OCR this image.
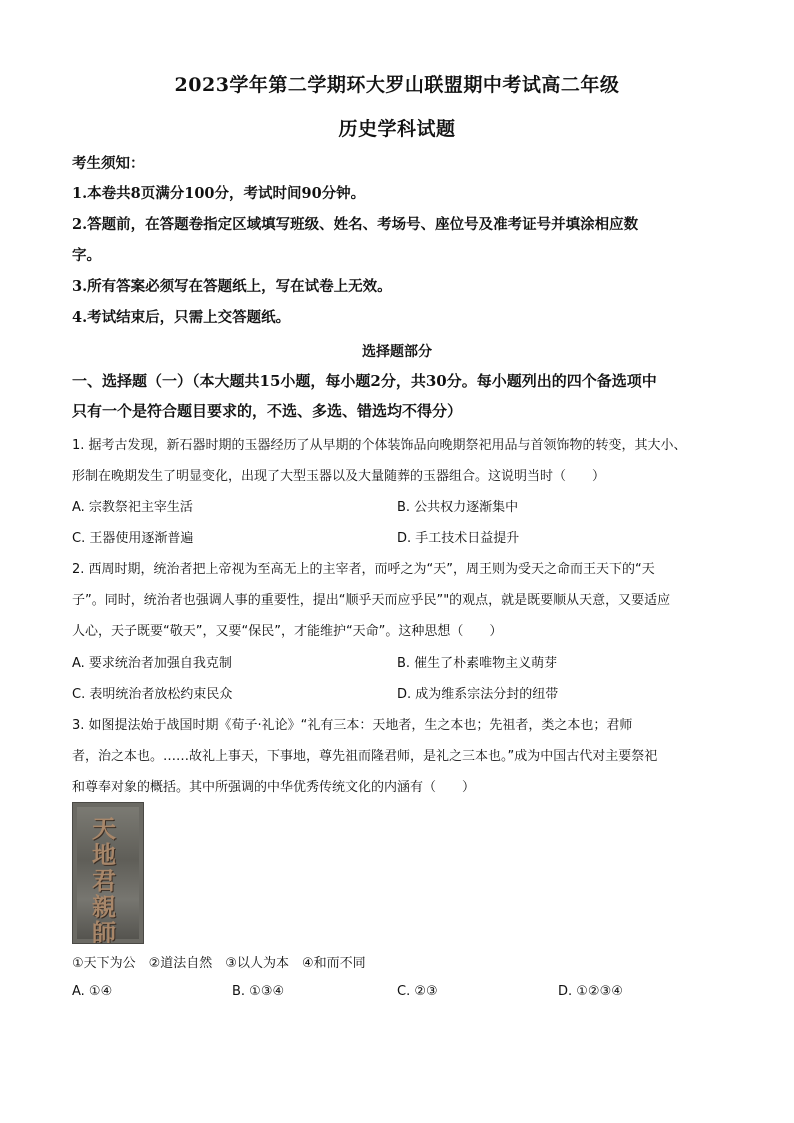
2023学年第二学期环大罗山联盟期中考试高二年级
历史学科试题
考生须知：
1.本卷共8页满分100分，考试时间90分钟。
2.答题前，在答题卷指定区域填写班级、姓名、考场号、座位号及准考证号并填涂相应数
字。
3.所有答案必须写在答题纸上，写在试卷上无效。
4.考试结束后，只需上交答题纸。
选择题部分
一、选择题（一）（本大题共15小题，每小题2分，共30分。每小题列出的四个备选项中
只有一个是符合题目要求的，不选、多选、错选均不得分）
1. 据考古发现，新石器时期的玉器经历了从早期的个体装饰品向晚期祭祀用品与首领饰物的转变，其大小、
形制在晚期发生了明显变化，出现了大型玉器以及大量随葬的玉器组合。这说明当时（　　）
A. 宗教祭祀主宰生活	B. 公共权力逐渐集中
C. 王器使用逐渐普遍	D. 手工技术日益提升
2. 西周时期，统治者把上帝视为至高无上的主宰者，而呼之为“天”，周王则为受天之命而王天下的“天
子”。同时，统治者也强调人事的重要性，提出“顺乎天而应乎民”"的观点，就是既要顺从天意，又要适应
人心，天子既要“敬天”，又要“保民”，才能维护“天命”。这种思想（　　）
A. 要求统治者加强自我克制	B. 催生了朴素唯物主义萌芽
C. 表明统治者放松约束民众	D. 成为维系宗法分封的纽带
3. 如图提法始于战国时期《荀子·礼论》“礼有三本：天地者，生之本也；先祖者，类之本也；君师
者，治之本也。……故礼上事天，下事地，尊先祖而隆君师，是礼之三本也。”成为中国古代对主要祭祀
和尊奉对象的概括。其中所强调的中华优秀传统文化的内涵有（　　）
天
地
君
親
師
①天下为公　②道法自然　③以人为本　④和而不同
A. ①④	B. ①③④	C. ②③	D. ①②③④
